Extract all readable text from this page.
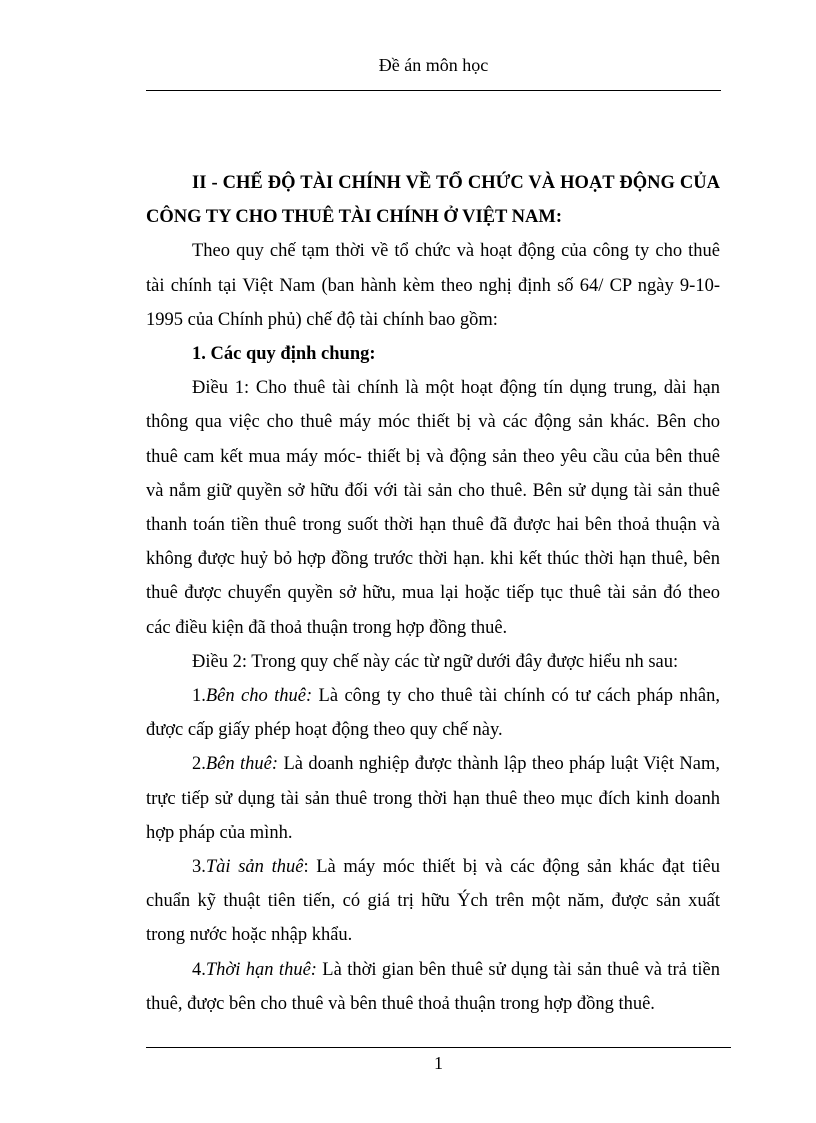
Đề án môn học

II - CHẾ ĐỘ TÀI CHÍNH VỀ TỔ CHỨC VÀ HOẠT ĐỘNG CỦA CÔNG TY CHO THUÊ TÀI CHÍNH Ở VIỆT NAM:

Theo quy chế tạm thời về tổ chức và hoạt động của công ty cho thuê tài chính tại Việt Nam (ban hành kèm theo nghị định số 64/ CP ngày 9-10-1995 của Chính phủ) chế độ tài chính bao gồm:

1. Các quy định chung:

Điều 1: Cho thuê tài chính là một hoạt động tín dụng trung, dài hạn thông qua việc cho thuê máy móc thiết bị và các động sản khác. Bên cho thuê cam kết mua máy móc- thiết bị và động sản theo yêu cầu của bên thuê và nắm giữ quyền sở hữu đối với tài sản cho thuê. Bên sử dụng tài sản thuê thanh toán tiền thuê trong suốt thời hạn thuê đã được hai bên thoả thuận và không được huỷ bỏ hợp đồng trước thời hạn. khi kết thúc thời hạn thuê, bên thuê được chuyển quyền sở hữu, mua lại hoặc tiếp tục thuê tài sản đó theo các điều kiện đã thoả thuận trong hợp đồng thuê.

Điều 2: Trong quy chế này các từ ngữ dưới đây được hiểu nh sau:

1.Bên cho thuê: Là công ty cho thuê tài chính có tư cách pháp nhân, được cấp giấy phép hoạt động theo quy chế này.

2.Bên thuê: Là doanh nghiệp được thành lập theo pháp luật Việt Nam, trực tiếp sử dụng tài sản thuê trong thời hạn thuê theo mục đích kinh doanh hợp pháp của mình.

3.Tài sản thuê: Là máy móc thiết bị và các động sản khác đạt tiêu chuẩn kỹ thuật tiên tiến, có giá trị hữu Ých trên một năm, được sản xuất trong nước hoặc nhập khẩu.

4.Thời hạn thuê: Là thời gian bên thuê sử dụng tài sản thuê và trả tiền thuê, được bên cho thuê và bên thuê thoả thuận trong hợp đồng thuê.

1
